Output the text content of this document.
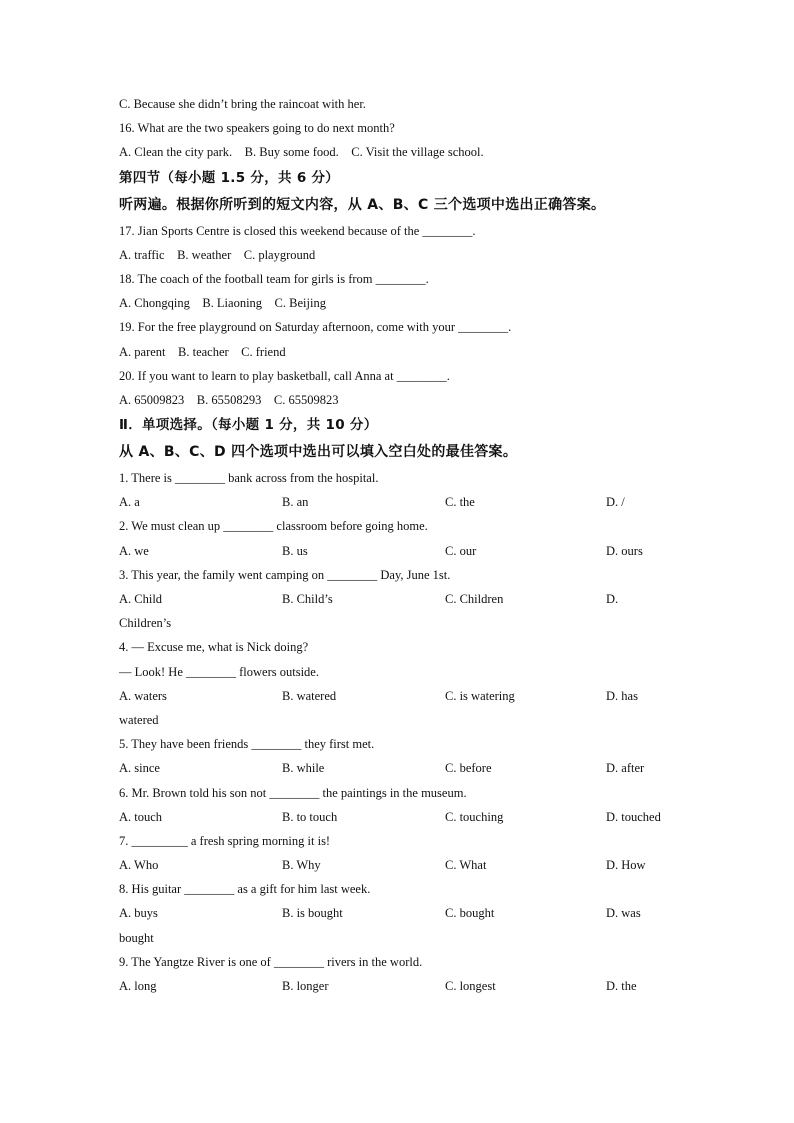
C. Because she didn’t bring the raincoat with her.
16. What are the two speakers going to do next month?
A. Clean the city park.    B. Buy some food.    C. Visit the village school.
第四节（每小题 1.5 分，共 6 分）
听两遍。根据你所听到的短文内容，从 A、B、C 三个选项中选出正确答案。
17. Jian Sports Centre is closed this weekend because of the ________.
A. traffic    B. weather    C. playground
18. The coach of the football team for girls is from ________.
A. Chongqing    B. Liaoning    C. Beijing
19. For the free playground on Saturday afternoon, come with your ________.
A. parent    B. teacher    C. friend
20. If you want to learn to play basketball, call Anna at ________.
A. 65009823    B. 65508293    C. 65509823
Ⅱ．单项选择。（每小题 1 分，共 10 分）
从 A、B、C、D 四个选项中选出可以填入空白处的最佳答案。
1. There is ________ bank across from the hospital.
A. a	B. an	C. the	D. /
2. We must clean up ________ classroom before going home.
A. we	B. us	C. our	D. ours
3. This year, the family went camping on ________ Day, June 1st.
A. Child	B. Child’s	C. Children	D.
Children’s
4. — Excuse me, what is Nick doing?
— Look! He ________ flowers outside.
A. waters	B. watered	C. is watering	D. has
watered
5. They have been friends ________ they first met.
A. since	B. while	C. before	D. after
6. Mr. Brown told his son not ________ the paintings in the museum.
A. touch	B. to touch	C. touching	D. touched
7. _________ a fresh spring morning it is!
A. Who	B. Why	C. What	D. How
8. His guitar ________ as a gift for him last week.
A. buys	B. is bought	C. bought	D. was
bought
9. The Yangtze River is one of ________ rivers in the world.
A. long	B. longer	C. longest	D. the
